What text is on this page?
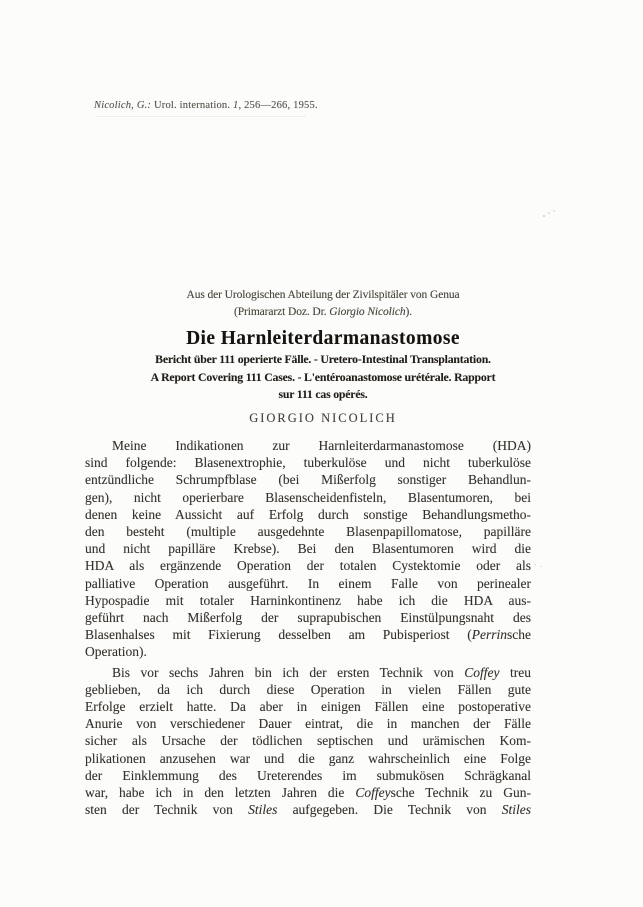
Nicolich, G.: Urol. internation. 1, 256—266, 1955.
Aus der Urologischen Abteilung der Zivilspitäler von Genua
(Primararzt Doz. Dr. Giorgio Nicolich).
Die Harnleiterdarmanastomose
Bericht über 111 operierte Fälle. - Uretero-Intestinal Transplantation.
A Report Covering 111 Cases. - L'entéroanastomose urétérale. Rapport
sur 111 cas opérés.
GIORGIO NICOLICH
Meine Indikationen zur Harnleiterdarmanastomose (HDA)
sind folgende: Blasenextrophie, tuberkulöse und nicht tuberkulöse
entzündliche Schrumpfblase (bei Mißerfolg sonstiger Behandlun-
gen), nicht operierbare Blasenscheidenfisteln, Blasentumoren, bei
denen keine Aussicht auf Erfolg durch sonstige Behandlungsmetho-
den besteht (multiple ausgedehnte Blasenpapillomatose, papilläre
und nicht papilläre Krebse). Bei den Blasentumoren wird die
HDA als ergänzende Operation der totalen Cystektomie oder als
palliative Operation ausgeführt. In einem Falle von perinealer
Hypospadie mit totaler Harninkontinenz habe ich die HDA aus-
geführt nach Mißerfolg der suprapubischen Einstülpungsnaht des
Blasenhalses mit Fixierung desselben am Pubisperiost (Perrinsche
Operation).
Bis vor sechs Jahren bin ich der ersten Technik von Coffey treu
geblieben, da ich durch diese Operation in vielen Fällen gute
Erfolge erzielt hatte. Da aber in einigen Fällen eine postoperative
Anurie von verschiedener Dauer eintrat, die in manchen der Fälle
sicher als Ursache der tödlichen septischen und urämischen Kom-
plikationen anzusehen war und die ganz wahrscheinlich eine Folge
der Einklemmung des Ureterendes im submukösen Schrägkanal
war, habe ich in den letzten Jahren die Coffeysche Technik zu Gun-
sten der Technik von Stiles aufgegeben. Die Technik von Stiles
